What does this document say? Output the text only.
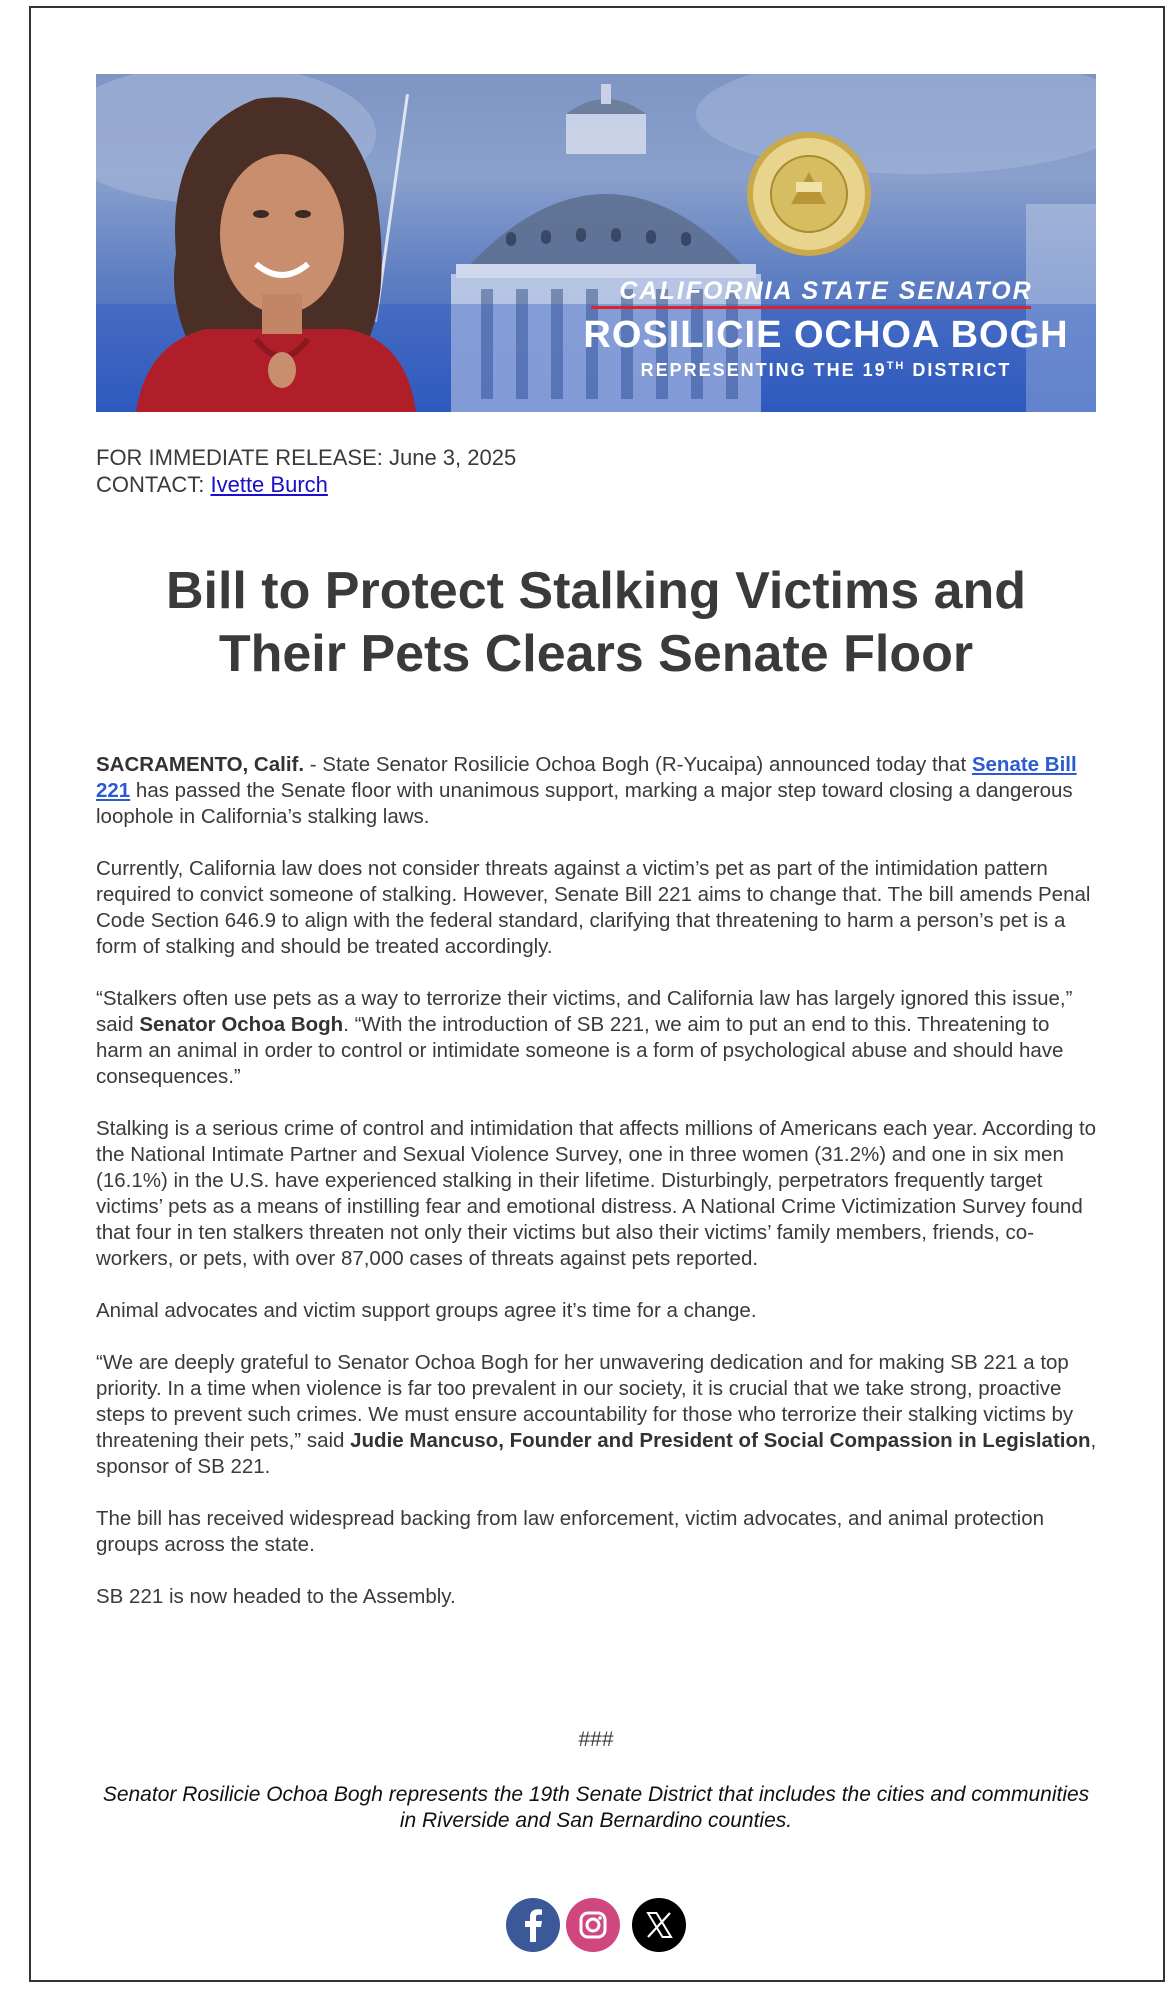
CALIFORNIA STATE SENATOR
ROSILICIE OCHOA BOGH
REPRESENTING THE 19TH DISTRICT
FOR IMMEDIATE RELEASE: June 3, 2025
CONTACT: Ivette Burch
Bill to Protect Stalking Victims and
Their Pets Clears Senate Floor

SACRAMENTO, Calif. - State Senator Rosilicie Ochoa Bogh (R-Yucaipa) announced today that Senate Bill 221 has passed the Senate floor with unanimous support, marking a major step toward closing a dangerous loophole in California’s stalking laws.

Currently, California law does not consider threats against a victim’s pet as part of the intimidation pattern required to convict someone of stalking. However, Senate Bill 221 aims to change that. The bill amends Penal Code Section 646.9 to align with the federal standard, clarifying that threatening to harm a person’s pet is a form of stalking and should be treated accordingly.

“Stalkers often use pets as a way to terrorize their victims, and California law has largely ignored this issue,” said Senator Ochoa Bogh. “With the introduction of SB 221, we aim to put an end to this. Threatening to harm an animal in order to control or intimidate someone is a form of psychological abuse and should have consequences.”

Stalking is a serious crime of control and intimidation that affects millions of Americans each year. According to the National Intimate Partner and Sexual Violence Survey, one in three women (31.2%) and one in six men (16.1%) in the U.S. have experienced stalking in their lifetime. Disturbingly, perpetrators frequently target victims’ pets as a means of instilling fear and emotional distress. A National Crime Victimization Survey found that four in ten stalkers threaten not only their victims but also their victims’ family members, friends, co-workers, or pets, with over 87,000 cases of threats against pets reported.

Animal advocates and victim support groups agree it’s time for a change.

“We are deeply grateful to Senator Ochoa Bogh for her unwavering dedication and for making SB 221 a top priority. In a time when violence is far too prevalent in our society, it is crucial that we take strong, proactive steps to prevent such crimes. We must ensure accountability for those who terrorize their stalking victims by threatening their pets,” said Judie Mancuso, Founder and President of Social Compassion in Legislation, sponsor of SB 221.

The bill has received widespread backing from law enforcement, victim advocates, and animal protection groups across the state.

SB 221 is now headed to the Assembly.

###
Senator Rosilicie Ochoa Bogh represents the 19th Senate District that includes the cities and communities in Riverside and San Bernardino counties.
